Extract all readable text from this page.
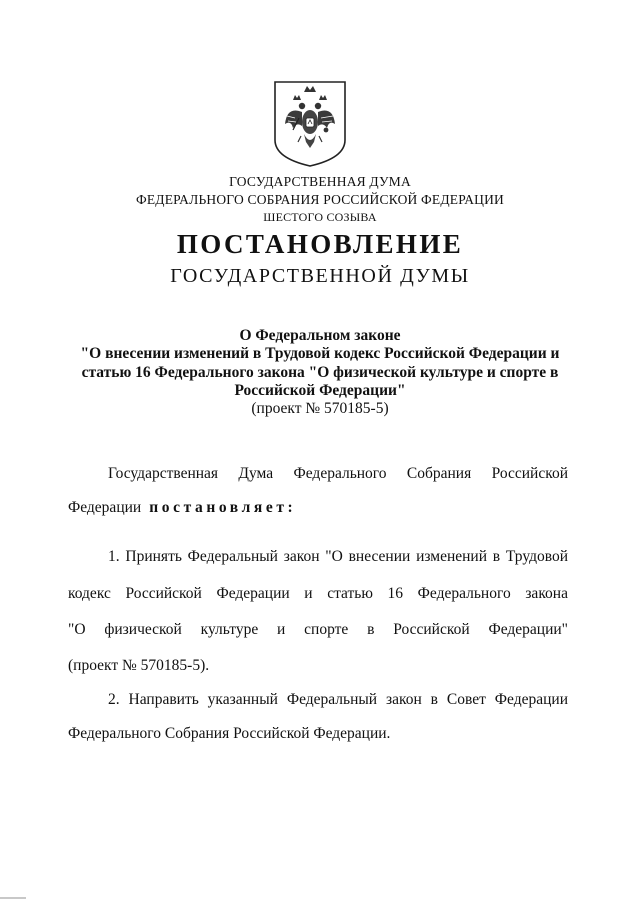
ГОСУДАРСТВЕННАЯ ДУМА
ФЕДЕРАЛЬНОГО СОБРАНИЯ РОССИЙСКОЙ ФЕДЕРАЦИИ
ШЕСТОГО СОЗЫВА
ПОСТАНОВЛЕНИЕ
ГОСУДАРСТВЕННОЙ ДУМЫ
О Федеральном законе
"О внесении изменений в Трудовой кодекс Российской Федерации и
статью 16 Федерального закона "О физической культуре и спорте в
Российской Федерации"
(проект № 570185-5)
Государственная Дума Федерального Собрания Российской
Федерации постановляет:
1. Принять Федеральный закон "О внесении изменений в Трудовой
кодекс Российской Федерации и статью 16 Федерального закона
"О физической культуре и спорте в Российской Федерации"
(проект № 570185-5).
2. Направить указанный Федеральный закон в Совет Федерации
Федерального Собрания Российской Федерации.
